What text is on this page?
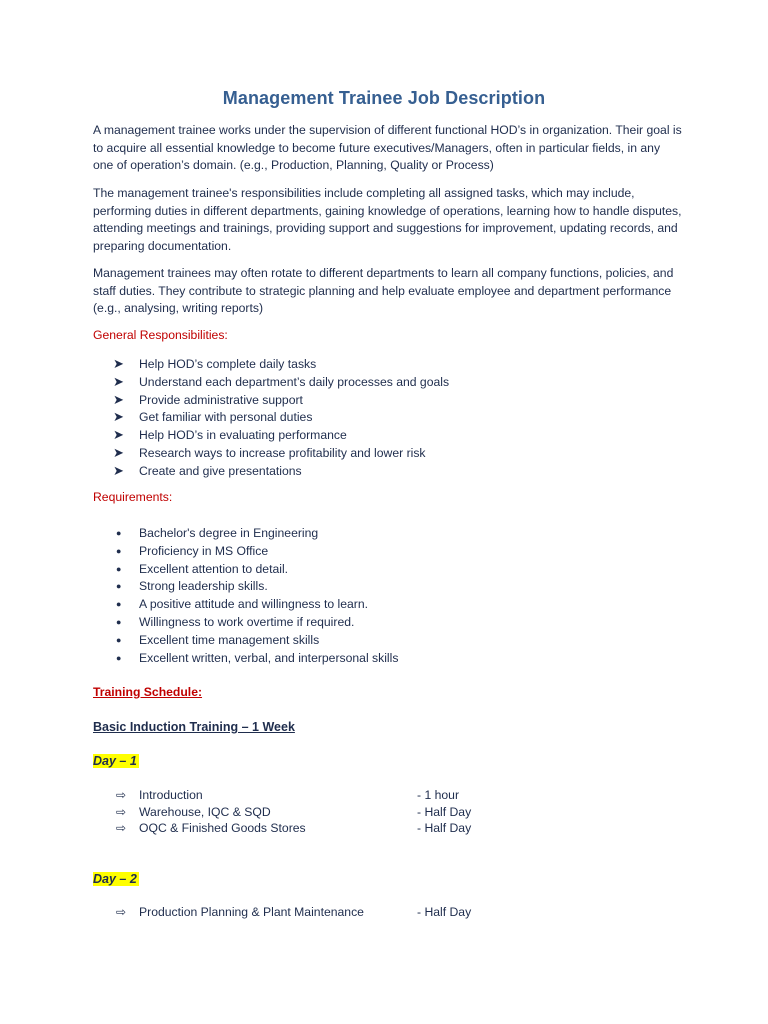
Management Trainee Job Description

A management trainee works under the supervision of different functional HOD’s in organization. Their goal is to acquire all essential knowledge to become future executives/Managers, often in particular fields, in any one of operation’s domain. (e.g., Production, Planning, Quality or Process)

The management trainee's responsibilities include completing all assigned tasks, which may include, performing duties in different departments, gaining knowledge of operations, learning how to handle disputes, attending meetings and trainings, providing support and suggestions for improvement, updating records, and preparing documentation.

Management trainees may often rotate to different departments to learn all company functions, policies, and staff duties. They contribute to strategic planning and help evaluate employee and department performance (e.g., analysing, writing reports)

General Responsibilities:
➤ Help HOD’s complete daily tasks
➤ Understand each department’s daily processes and goals
➤ Provide administrative support
➤ Get familiar with personal duties
➤ Help HOD’s in evaluating performance
➤ Research ways to increase profitability and lower risk
➤ Create and give presentations
Requirements:
● Bachelor's degree in Engineering
● Proficiency in MS Office
● Excellent attention to detail.
● Strong leadership skills.
● A positive attitude and willingness to learn.
● Willingness to work overtime if required.
● Excellent time management skills
● Excellent written, verbal, and interpersonal skills
Training Schedule:
Basic Induction Training – 1 Week
Day – 1
⇨ Introduction	- 1 hour
⇨ Warehouse, IQC & SQD	- Half Day
⇨ OQC & Finished Goods Stores	- Half Day
Day – 2
⇨ Production Planning & Plant Maintenance	- Half Day
